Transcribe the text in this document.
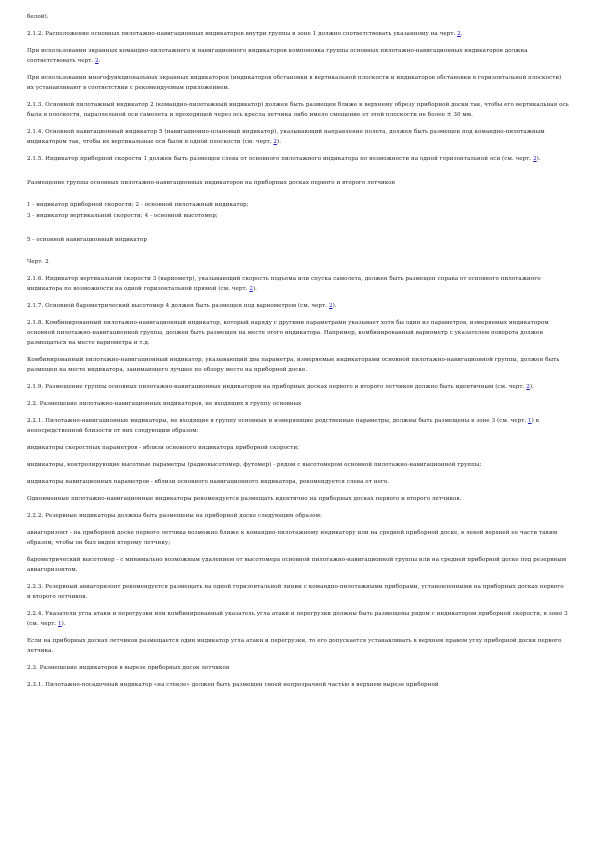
белой).
2.1.2. Расположение основных пилотажно-навигационных индикаторов внутри группы в зоне 1 должно соответствовать указанному на черт. 2.
При использовании экранных командно-пилотажного и навигационного индикаторов компоновка группы основных пилотажно-навигационных индикаторов должна соответствовать черт. 2.
При использовании многофункциональных экранных индикаторов (индикаторов обстановки в вертикальной плоскости и индикаторов обстановки в горизонтальной плоскости) их устанавливают в соответствии с рекомендуемым приложением.
2.1.3. Основной пилотажный индикатор 2 (командно-пилотажный индикатор) должен быть размещен ближе к верхнему обрезу приборной доски так, чтобы его вертикальная ось была в плоскости, параллельной оси самолета и проходящей через ось кресла летчика либо имело смещение от этой плоскости не более ± 30 мм.
2.1.4. Основной навигационный индикатор 5 (навигационно-плановый индикатор), указывающий направление полета, должен быть размещен под командно-пилотажным индикатором так, чтобы их вертикальные оси были в одной плоскости (см. черт. 2).
2.1.5. Индикатор приборной скорости 1 должен быть размещен слева от основного пилотажного индикатора по возможности на одной горизонтальной оси (см. черт. 2).
Размещение группы основных пилотажно-навигационных индикаторов на приборных досках первого и второго летчиков
1 - индикатор приборной скорости; 2 - основной пилотажный индикатор;
3 - индикатор вертикальной скорости; 4 - основной высотомер;
5 - основной навигационный индикатор
Черт. 2
2.1.6. Индикатор вертикальной скорости 3 (вариометр), указывающий скорость подъема или спуска самолета, должен быть размещен справа от основного пилотажного индикатора по возможности на одной горизонтальной прямой (см. черт. 2).
2.1.7. Основной барометрический высотомер 4 должен быть размещен под вариометром (см. черт. 2).
2.1.8. Комбинированный пилотажно-навигационный индикатор, который наряду с другими параметрами указывает хотя бы один из параметров, измеряемых индикатором основной пилотажно-навигационной группы, должен быть размещен на месте этого индикатора. Например, комбинированный вариометр с указателем поворота должен размещаться на месте вариометра и т.д.
Комбинированный пилотажно-навигационный индикатор, указывающий два параметра, измеряемые индикаторами основной пилотажно-навигационной группы, должен быть размещен на месте индикатора, занимающего лучшее по обзору место на приборной доске.
2.1.9. Размещение группы основных пилотажно-навигационных индикаторов на приборных досках первого и второго летчиков должно быть идентичным (см. черт. 2).
2.2. Размещение пилотажно-навигационных индикаторов, не входящих в группу основных
2.2.1. Пилотажно-навигационные индикаторы, не входящие в группу основных и измеряющие родственные параметры, должны быть размещены в зоне 3 (см. черт. 1) в непосредственной близости от них следующим образом:
индикаторы скоростных параметров - вблизи основного индикатора приборной скорости;
индикаторы, контролирующие высотные параметры (радиовысотомер, футомер) - рядом с высотомером основной пилотажно-навигационной группы;
индикаторы навигационных параметров - вблизи основного навигационного индикатора, рекомендуется слева от него.
Одноименные пилотажно-навигационные индикаторы рекомендуется размещать идентично на приборных досках первого и второго летчиков.
2.2.2. Резервные индикаторы должны быть размещены на приборной доске следующим образом:
авиагоризонт - на приборной доске первого летчика возможно ближе к командно-пилотажному индикатору или на средней приборной доске, в левой верхней ее части таким образом, чтобы он был виден второму летчику;
барометрический высотомер - с минимально возможным удалением от высотомера основной пилотажно-навигационной группы или на средней приборной доске под резервным авиагоризонтом.
2.2.3. Резервный авиагоризонт рекомендуется размещать на одной горизонтальной линии с командно-пилотажными приборами, установленными на приборных досках первого и второго летчиков.
2.2.4. Указатели угла атаки и перегрузки или комбинированный указатель угла атаки и перегрузки должны быть размещены рядом с индикатором приборной скорости, в зоне 3 (см. черт. 1).
Если на приборных досках летчиков размещается один индикатор угла атаки и перегрузки, то его допускается устанавливать в верхнем правом углу приборной доски первого летчика.
2.3. Размещение индикаторов в вырезе приборных досок летчиков
2.3.1. Пилотажно-посадочный индикатор «на стекле» должен быть размещен своей непрозрачной частью в верхнем вырезе приборной
